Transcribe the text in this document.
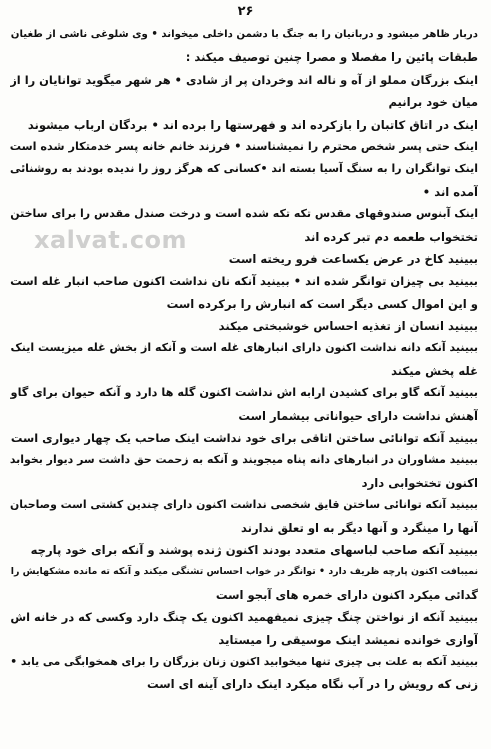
۲۶
دربار ظاهر میشود و دربانیان را به جنگ با دشمن داخلی میخواند • وی شلوغی ناشی از طغیان
طبقات پائین را مفصلا و مصرا چنین توصیف میکند :
اینک بزرگان مملو از آه و ناله اند وخردان پر از شادی • هر شهر میگوید توانایان را از
میان خود برانیم
اینک در اتاق کاتبان را بازکرده اند و فهرستها را برده اند • بردگان ارباب میشوند
اینک حتی پسر شخص محترم را نمیشناسند • فرزند خانم خانه پسر خدمتکار شده است
اینک توانگران را به سنگ آسیا بسته اند •کسانی که هرگز روز را ندیده بودند به روشنائی
آمده اند •
اینک آبنوس صندوقهای مقدس تکه تکه شده است و درخت صندل مقدس را برای ساختن
تختخواب طعمه دم تبر کرده اند
ببینید کاخ در عرض یکساعت فرو ریخته است
ببینید بی چیزان توانگر شده اند • ببینید آنکه نان نداشت اکنون صاحب انبار غله است
و این اموال کسی دیگر است که انبارش را برکرده است
ببینید انسان از تغذیه احساس خوشبختی میکند
ببینید آنکه دانه نداشت اکنون دارای انبارهای غله است و آنکه از بخش غله میزیست اینک
غله پخش میکند
ببینید آنکه گاو برای کشیدن ارابه اش نداشت اکنون گله ها دارد و آنکه حیوان برای گاو
آهنش نداشت دارای حیواناتی بیشمار است
ببینید آنکه توانائی ساختن اتاقی برای خود نداشت اینک صاحب یک چهار دیواری است
ببینید مشاوران در انبارهای دانه پناه میجویند و آنکه به زحمت حق داشت سر دیوار بخوابد
اکنون تختخوابی دارد
ببینید آنکه توانائی ساختن قایق شخصی نداشت اکنون دارای چندین کشتی است وصاحبان
آنها را مینگرد و آنها دیگر به او تعلق ندارند
ببینید آنکه صاحب لباسهای متعدد بودند اکنون ژنده پوشند و آنکه برای خود پارچه
نمیبافت اکنون پارچه ظریف دارد • توانگر در خواب احساس تشنگی میکند و آنکه ته مانده مشکهایش را
گدائی میکرد اکنون دارای خمره های آبجو است
ببینید آنکه از نواختن چنگ چیزی نمیفهمید اکنون یک چنگ دارد وکسی که در خانه اش
آوازی خوانده نمیشد اینک موسیقی را میستاید
ببینید آنکه به علت بی چیزی تنها میخوابید اکنون زنان بزرگان را برای همخوابگی می یابد •
زنی که رویش را در آب نگاه میکرد اینک دارای آینه ای است
xalvat.com
